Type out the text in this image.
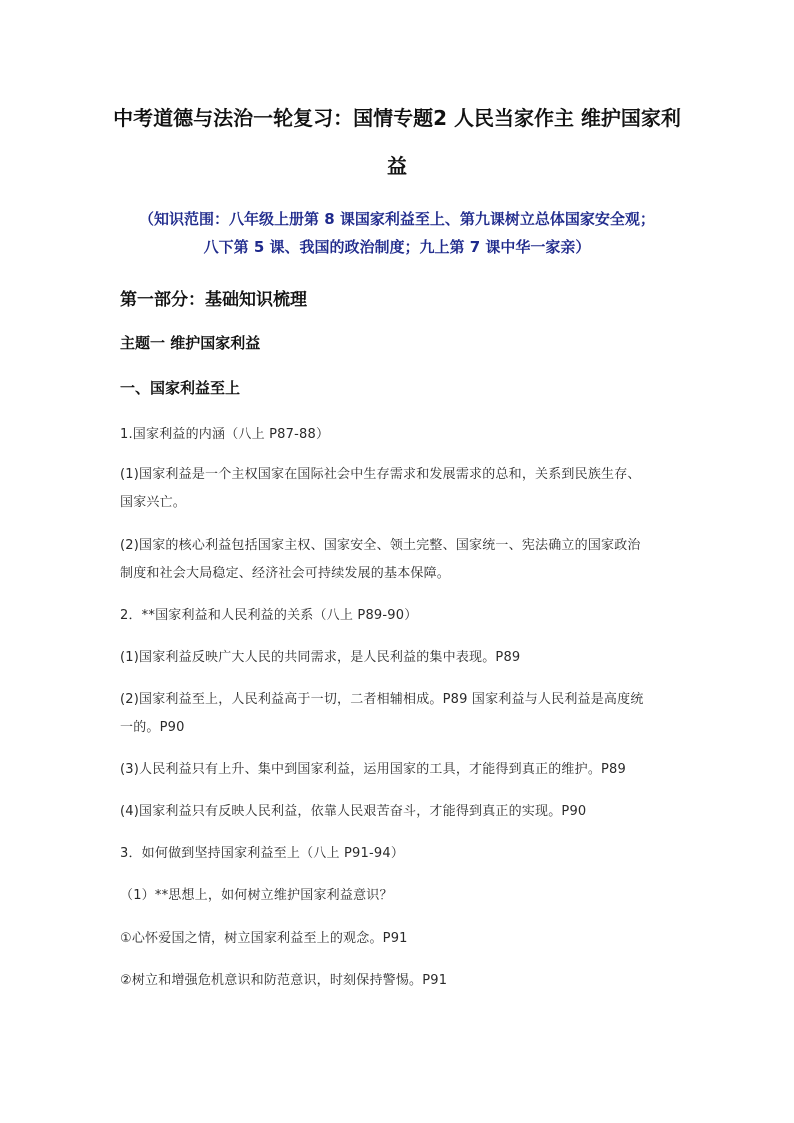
中考道德与法治一轮复习：国情专题2 人民当家作主 维护国家利
益
（知识范围：八年级上册第 8 课国家利益至上、第九课树立总体国家安全观；
八下第 5 课、我国的政治制度；九上第 7 课中华一家亲）
第一部分：基础知识梳理
主题一 维护国家利益
一、国家利益至上
1.国家利益的内涵（八上 P87-88）
(1)国家利益是一个主权国家在国际社会中生存需求和发展需求的总和，关系到民族生存、
国家兴亡。
(2)国家的核心利益包括国家主权、国家安全、领土完整、国家统一、宪法确立的国家政治
制度和社会大局稳定、经济社会可持续发展的基本保障。
2．**国家利益和人民利益的关系（八上 P89-90）
(1)国家利益反映广大人民的共同需求，是人民利益的集中表现。P89
(2)国家利益至上，人民利益高于一切，二者相辅相成。P89 国家利益与人民利益是高度统
一的。P90
(3)人民利益只有上升、集中到国家利益，运用国家的工具，才能得到真正的维护。P89
(4)国家利益只有反映人民利益，依靠人民艰苦奋斗，才能得到真正的实现。P90
3．如何做到坚持国家利益至上（八上 P91-94）
（1）**思想上，如何树立维护国家利益意识？
①心怀爱国之情，树立国家利益至上的观念。P91
②树立和增强危机意识和防范意识，时刻保持警惕。P91
